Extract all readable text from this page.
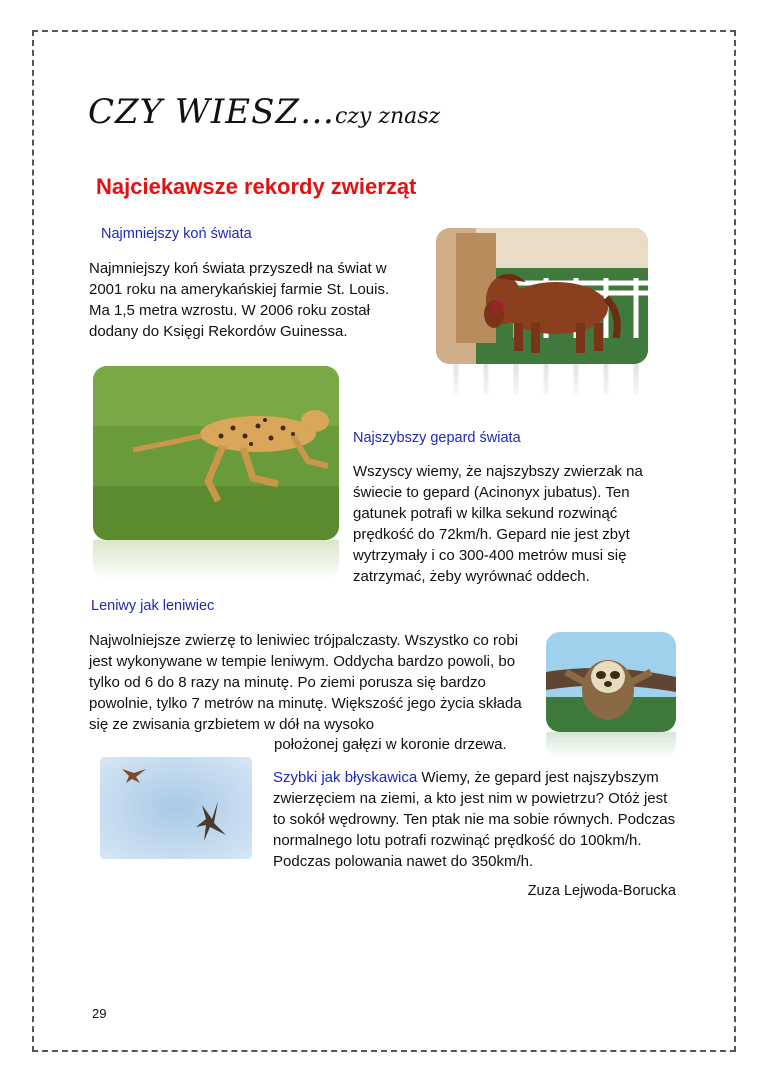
CZY WIESZ…czy znasz
Najciekawsze rekordy zwierząt
Najmniejszy koń świata

Najmniejszy koń świata przyszedł na świat w 2001 roku na amerykańskiej farmie St. Louis. Ma 1,5 metra wzrostu. W 2006 roku został dodany do Księgi Rekordów Guinessa.

Najszybszy gepard świata

Wszyscy wiemy, że najszybszy zwierzak na świecie to gepard (Acinonyx jubatus). Ten gatunek potrafi w kilka sekund rozwinąć prędkość do 72km/h. Gepard nie jest zbyt wytrzymały i co 300-400 metrów musi się zatrzymać, żeby wyrównać oddech.

Leniwy jak leniwiec

Najwolniejsze zwierzę to leniwiec trójpalczasty. Wszystko co robi jest wykonywane w tempie leniwym. Oddycha bardzo powoli, bo tylko od 6 do 8 razy na minutę. Po ziemi porusza się bardzo powolnie, tylko 7 metrów na minutę. Większość jego życia składa się ze zwisania grzbietem w dół na wysoko

położonej gałęzi w koronie drzewa.

Szybki jak błyskawica Wiemy, że gepard jest najszybszym zwierzęciem na ziemi, a kto jest nim w powietrzu? Otóż jest to sokół wędrowny. Ten ptak nie ma sobie równych. Podczas normalnego lotu potrafi rozwinąć prędkość do 100km/h. Podczas polowania nawet do 350km/h.

Zuza Lejwoda-Borucka
29
